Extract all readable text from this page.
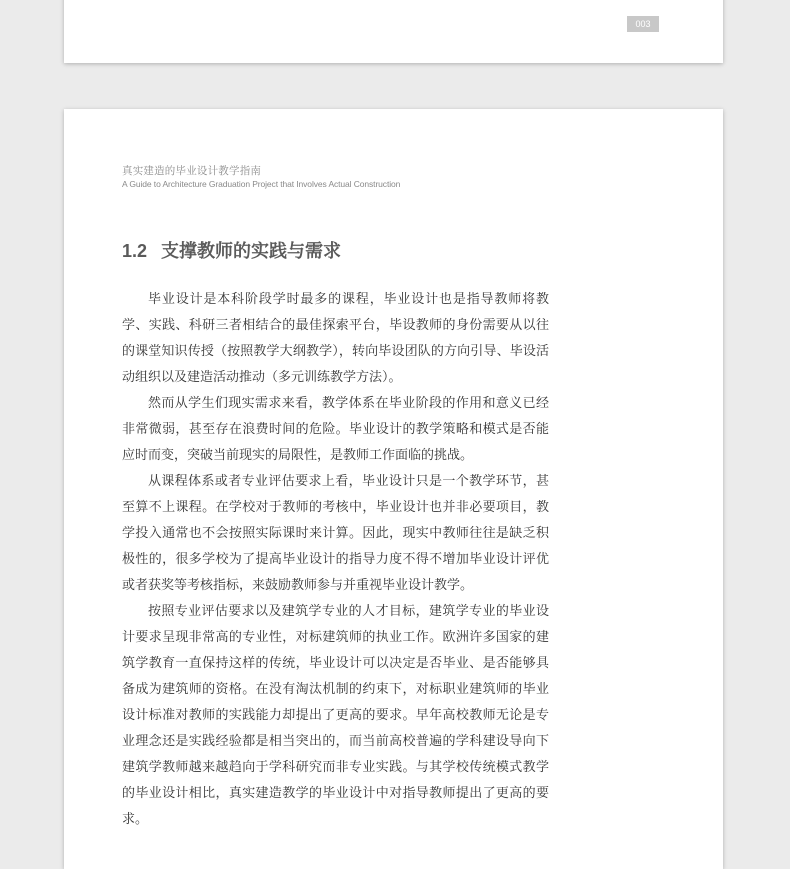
003
真实建造的毕业设计教学指南
A Guide to Architecture Graduation Project that Involves Actual Construction
1.2 支撑教师的实践与需求

毕业设计是本科阶段学时最多的课程，毕业设计也是指导教师将教学、实践、科研三者相结合的最佳探索平台，毕设教师的身份需要从以往的课堂知识传授（按照教学大纲教学），转向毕设团队的方向引导、毕设活动组织以及建造活动推动（多元训练教学方法）。

然而从学生们现实需求来看，教学体系在毕业阶段的作用和意义已经非常微弱，甚至存在浪费时间的危险。毕业设计的教学策略和模式是否能应时而变，突破当前现实的局限性，是教师工作面临的挑战。

从课程体系或者专业评估要求上看，毕业设计只是一个教学环节，甚至算不上课程。在学校对于教师的考核中，毕业设计也并非必要项目，教学投入通常也不会按照实际课时来计算。因此，现实中教师往往是缺乏积极性的，很多学校为了提高毕业设计的指导力度不得不增加毕业设计评优或者获奖等考核指标，来鼓励教师参与并重视毕业设计教学。

按照专业评估要求以及建筑学专业的人才目标，建筑学专业的毕业设计要求呈现非常高的专业性，对标建筑师的执业工作。欧洲许多国家的建筑学教育一直保持这样的传统，毕业设计可以决定是否毕业、是否能够具备成为建筑师的资格。在没有淘汰机制的约束下，对标职业建筑师的毕业设计标准对教师的实践能力却提出了更高的要求。早年高校教师无论是专业理念还是实践经验都是相当突出的，而当前高校普遍的学科建设导向下建筑学教师越来越趋向于学科研究而非专业实践。与其学校传统模式教学的毕业设计相比，真实建造教学的毕业设计中对指导教师提出了更高的要求。
